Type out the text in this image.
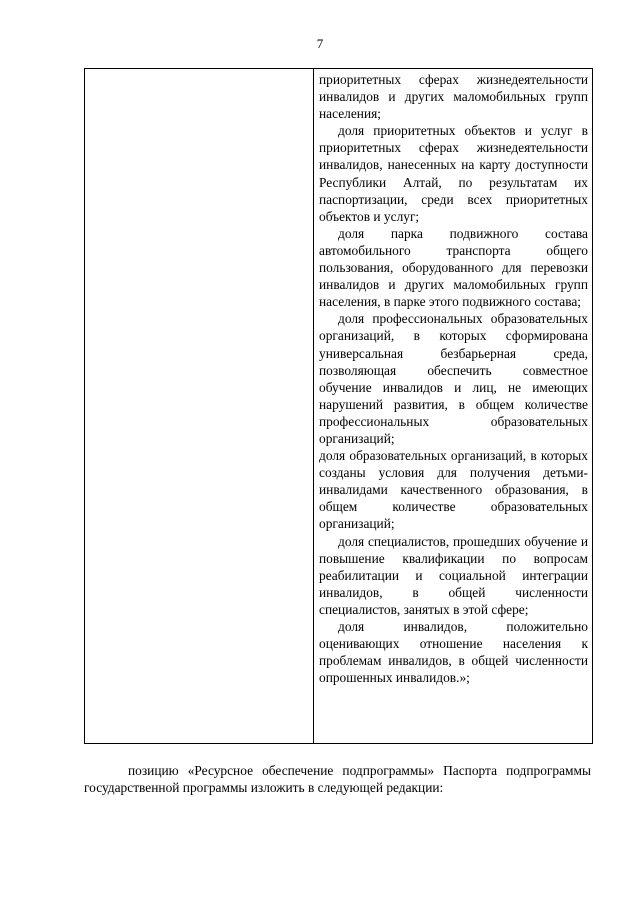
7

приоритетных сферах жизнедеятельности инвалидов и других маломобильных групп населения;
доля приоритетных объектов и услуг в приоритетных сферах жизнедеятельности инвалидов, нанесенных на карту доступности Республики Алтай, по результатам их паспортизации, среди всех приоритетных объектов и услуг;
доля парка подвижного состава автомобильного транспорта общего пользования, оборудованного для перевозки инвалидов и других маломобильных групп населения, в парке этого подвижного состава;
доля профессиональных образовательных организаций, в которых сформирована универсальная безбарьерная среда, позволяющая обеспечить совместное обучение инвалидов и лиц, не имеющих нарушений развития, в общем количестве профессиональных образовательных организаций;
доля образовательных организаций, в которых созданы условия для получения детьми-инвалидами качественного образования, в общем количестве образовательных организаций;
доля специалистов, прошедших обучение и повышение квалификации по вопросам реабилитации и социальной интеграции инвалидов, в общей численности специалистов, занятых в этой сфере;
доля инвалидов, положительно оценивающих отношение населения к проблемам инвалидов, в общей численности опрошенных инвалидов.»;
позицию «Ресурсное обеспечение подпрограммы» Паспорта подпрограммы государственной программы изложить в следующей редакции:
